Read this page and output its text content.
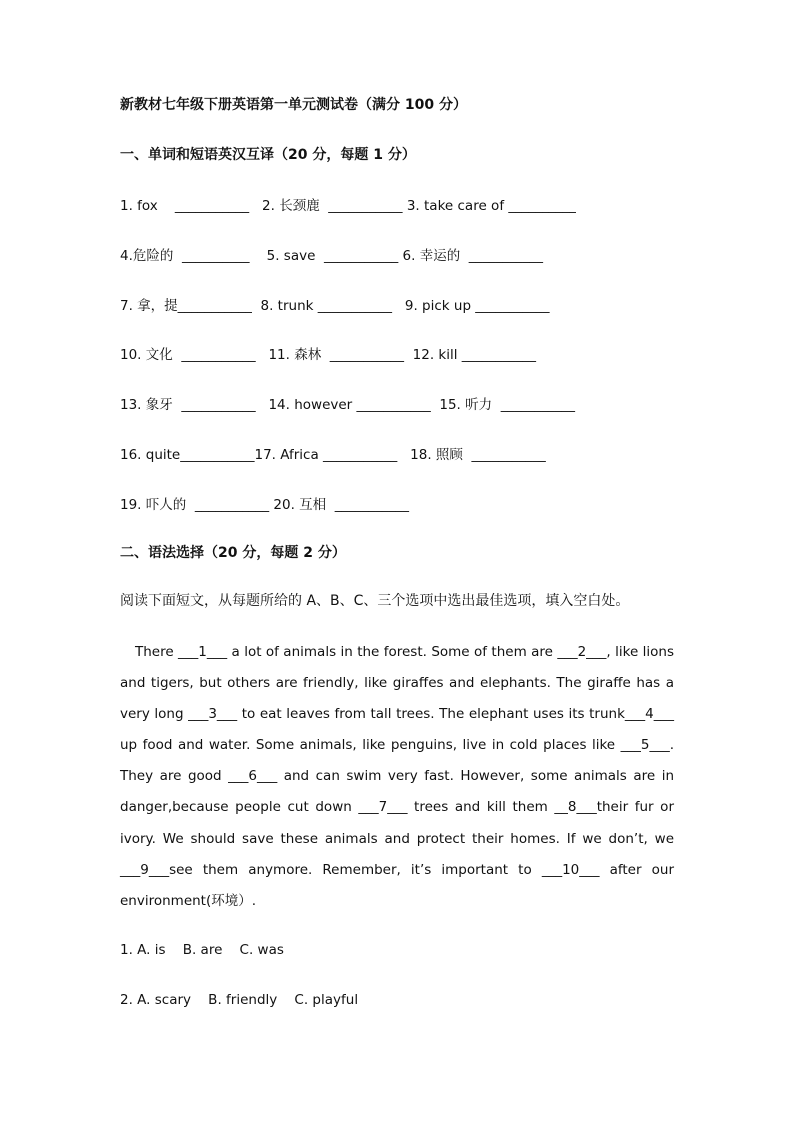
新教材七年级下册英语第一单元测试卷（满分 100 分）
一、单词和短语英汉互译（20 分，每题 1 分）
1. fox    ___________   2. 长颈鹿  ___________ 3. take care of __________
4.危险的  __________    5. save  ___________ 6. 幸运的  ___________
7. 拿，提___________  8. trunk ___________   9. pick up ___________
10. 文化  ___________   11. 森林  ___________  12. kill ___________
13. 象牙  ___________   14. however ___________  15. 听力  ___________
16. quite___________17. Africa ___________   18. 照顾  ___________
19. 吓人的  ___________ 20. 互相  ___________
二、语法选择（20 分，每题 2 分）
阅读下面短文，从每题所给的 A、B、C、三个选项中选出最佳选项，填入空白处。

There ___1___ a lot of animals in the forest. Some of them are ___2___, like lions and tigers, but others are friendly, like giraffes and elephants. The giraffe has a very long ___3___ to eat leaves from tall trees. The elephant uses its trunk___4___ up food and water. Some animals, like penguins, live in cold places like ___5___. They are good ___6___ and can swim very fast. However, some animals are in danger,because people cut down ___7___ trees and kill them __8___their fur or ivory. We should save these animals and protect their homes. If we don’t, we ___9___see them anymore. Remember, it’s important to ___10___ after our environment(环境）.

1. A. is    B. are    C. was
2. A. scary    B. friendly    C. playful
